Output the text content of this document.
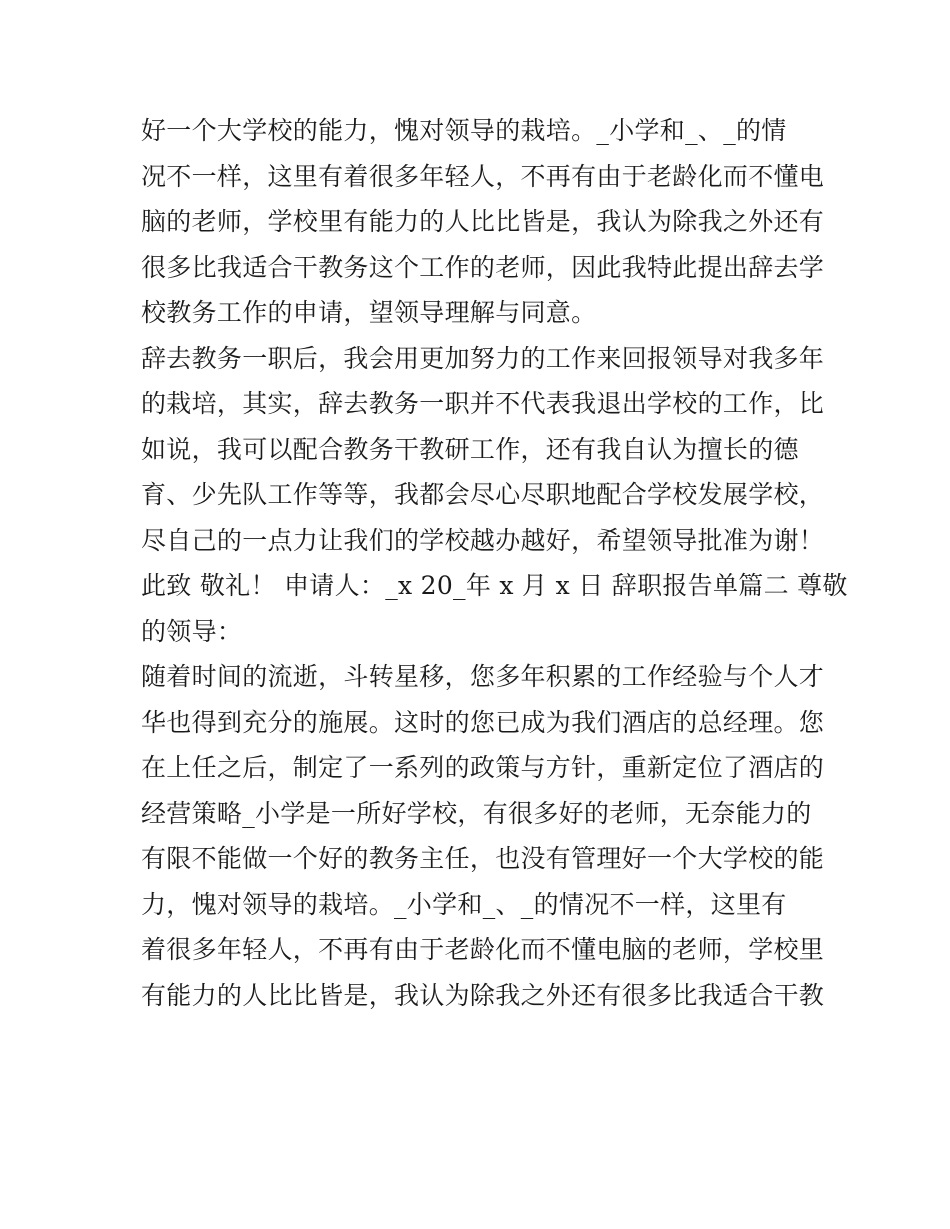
好一个大学校的能力，愧对领导的栽培。_小学和_、_的情
况不一样，这里有着很多年轻人，不再有由于老龄化而不懂电
脑的老师，学校里有能力的人比比皆是，我认为除我之外还有
很多比我适合干教务这个工作的老师，因此我特此提出辞去学
校教务工作的申请，望领导理解与同意。
辞去教务一职后，我会用更加努力的工作来回报领导对我多年
的栽培，其实，辞去教务一职并不代表我退出学校的工作，比
如说，我可以配合教务干教研工作，还有我自认为擅长的德
育、少先队工作等等，我都会尽心尽职地配合学校发展学校，
尽自己的一点力让我们的学校越办越好，希望领导批准为谢！
此致 敬礼！ 申请人：_x 20_年 x 月 x 日 辞职报告单篇二 尊敬
的领导：
随着时间的流逝，斗转星移，您多年积累的工作经验与个人才
华也得到充分的施展。这时的您已成为我们酒店的总经理。您
在上任之后，制定了一系列的政策与方针，重新定位了酒店的
经营策略_小学是一所好学校，有很多好的老师，无奈能力的
有限不能做一个好的教务主任，也没有管理好一个大学校的能
力，愧对领导的栽培。_小学和_、_的情况不一样，这里有
着很多年轻人，不再有由于老龄化而不懂电脑的老师，学校里
有能力的人比比皆是，我认为除我之外还有很多比我适合干教
